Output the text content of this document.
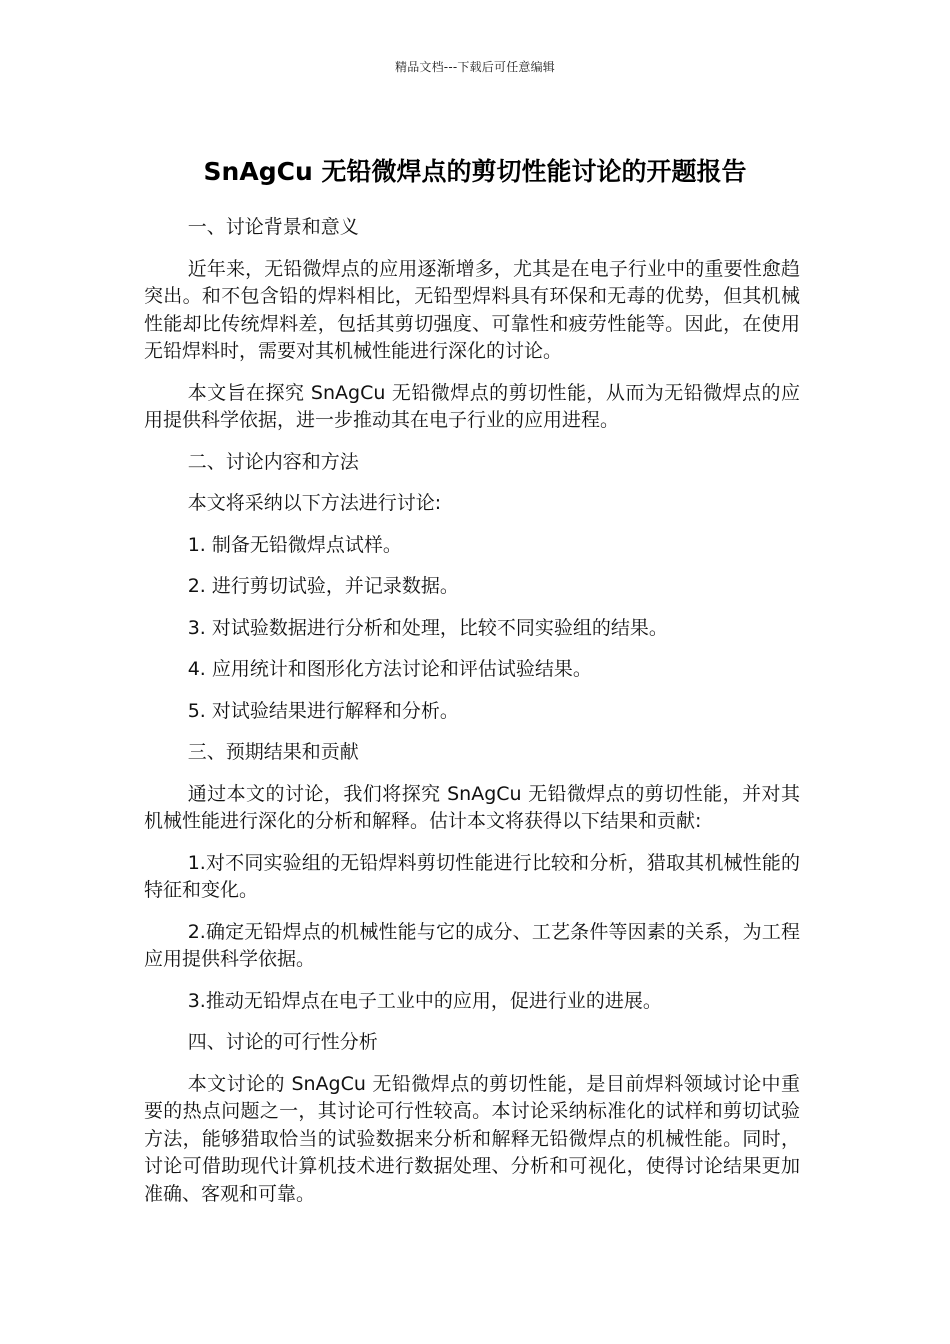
精品文档---下载后可任意编辑
SnAgCu 无铅微焊点的剪切性能讨论的开题报告

一、讨论背景和意义

近年来，无铅微焊点的应用逐渐增多，尤其是在电子行业中的重要性愈趋突出。和不包含铅的焊料相比，无铅型焊料具有环保和无毒的优势，但其机械性能却比传统焊料差，包括其剪切强度、可靠性和疲劳性能等。因此，在使用无铅焊料时，需要对其机械性能进行深化的讨论。

本文旨在探究 SnAgCu 无铅微焊点的剪切性能，从而为无铅微焊点的应用提供科学依据，进一步推动其在电子行业的应用进程。

二、讨论内容和方法

本文将采纳以下方法进行讨论:

1. 制备无铅微焊点试样。

2. 进行剪切试验，并记录数据。

3. 对试验数据进行分析和处理，比较不同实验组的结果。

4. 应用统计和图形化方法讨论和评估试验结果。

5. 对试验结果进行解释和分析。

三、预期结果和贡献

通过本文的讨论，我们将探究 SnAgCu 无铅微焊点的剪切性能，并对其机械性能进行深化的分析和解释。估计本文将获得以下结果和贡献:

1.对不同实验组的无铅焊料剪切性能进行比较和分析，猎取其机械性能的特征和变化。

2.确定无铅焊点的机械性能与它的成分、工艺条件等因素的关系，为工程应用提供科学依据。

3.推动无铅焊点在电子工业中的应用，促进行业的进展。

四、讨论的可行性分析

本文讨论的 SnAgCu 无铅微焊点的剪切性能，是目前焊料领域讨论中重要的热点问题之一，其讨论可行性较高。本讨论采纳标准化的试样和剪切试验方法，能够猎取恰当的试验数据来分析和解释无铅微焊点的机械性能。同时，讨论可借助现代计算机技术进行数据处理、分析和可视化，使得讨论结果更加准确、客观和可靠。
